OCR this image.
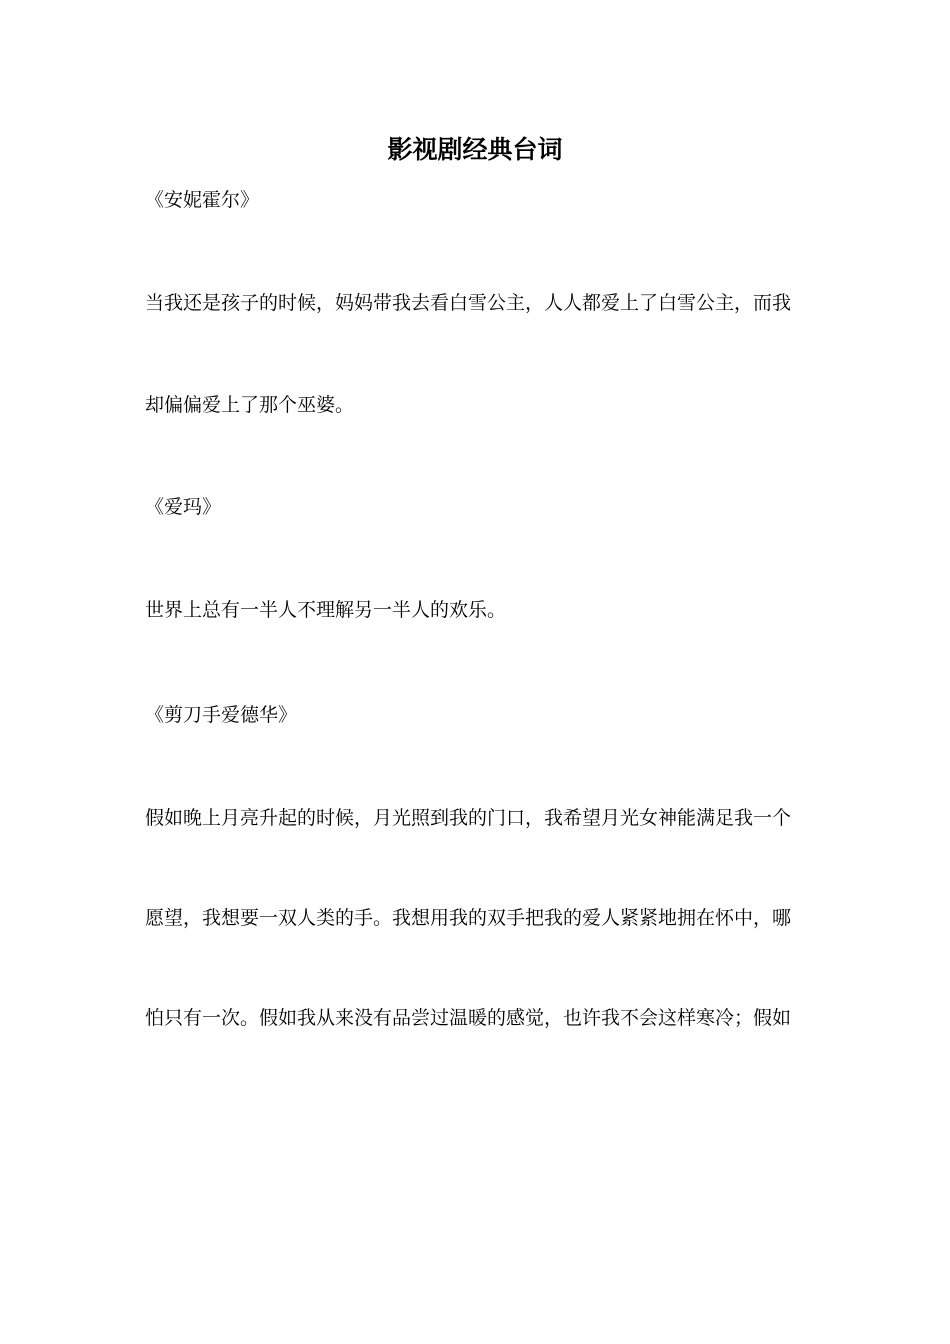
影视剧经典台词
《安妮霍尔》
当我还是孩子的时候，妈妈带我去看白雪公主，人人都爱上了白雪公主，而我
却偏偏爱上了那个巫婆。
《爱玛》
世界上总有一半人不理解另一半人的欢乐。
《剪刀手爱德华》
假如晚上月亮升起的时候，月光照到我的门口，我希望月光女神能满足我一个
愿望，我想要一双人类的手。我想用我的双手把我的爱人紧紧地拥在怀中，哪
怕只有一次。假如我从来没有品尝过温暖的感觉，也许我不会这样寒冷；假如
